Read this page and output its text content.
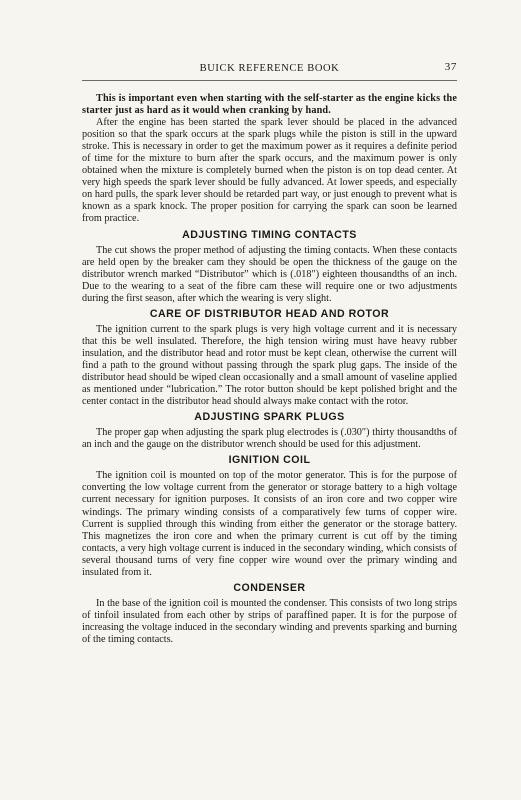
BUICK REFERENCE BOOK	37

This is important even when starting with the self-starter as the engine kicks the starter just as hard as it would when cranking by hand.

After the engine has been started the spark lever should be placed in the advanced position so that the spark occurs at the spark plugs while the piston is still in the upward stroke. This is necessary in order to get the maximum power as it requires a definite period of time for the mixture to burn after the spark occurs, and the maximum power is only obtained when the mixture is completely burned when the piston is on top dead center. At very high speeds the spark lever should be fully advanced. At lower speeds, and especially on hard pulls, the spark lever should be retarded part way, or just enough to prevent what is known as a spark knock. The proper position for carrying the spark can soon be learned from practice.

ADJUSTING TIMING CONTACTS

The cut shows the proper method of adjusting the timing contacts. When these contacts are held open by the breaker cam they should be open the thickness of the gauge on the distributor wrench marked “Distributor” which is (.018″) eighteen thousandths of an inch. Due to the wearing to a seat of the fibre cam these will require one or two adjustments during the first season, after which the wearing is very slight.

CARE OF DISTRIBUTOR HEAD AND ROTOR

The ignition current to the spark plugs is very high voltage current and it is necessary that this be well insulated. Therefore, the high tension wiring must have heavy rubber insulation, and the distributor head and rotor must be kept clean, otherwise the current will find a path to the ground without passing through the spark plug gaps. The inside of the distributor head should be wiped clean occasionally and a small amount of vaseline applied as mentioned under “lubrication.” The rotor button should be kept polished bright and the center contact in the distributor head should always make contact with the rotor.

ADJUSTING SPARK PLUGS

The proper gap when adjusting the spark plug electrodes is (.030″) thirty thousandths of an inch and the gauge on the distributor wrench should be used for this adjustment.

IGNITION COIL

The ignition coil is mounted on top of the motor generator. This is for the purpose of converting the low voltage current from the generator or storage battery to a high voltage current necessary for ignition purposes. It consists of an iron core and two copper wire windings. The primary winding consists of a comparatively few turns of copper wire. Current is supplied through this winding from either the generator or the storage battery. This magnetizes the iron core and when the primary current is cut off by the timing contacts, a very high voltage current is induced in the secondary winding, which consists of several thousand turns of very fine copper wire wound over the primary winding and insulated from it.

CONDENSER

In the base of the ignition coil is mounted the condenser. This consists of two long strips of tinfoil insulated from each other by strips of paraffined paper. It is for the purpose of increasing the voltage induced in the secondary winding and prevents sparking and burning of the timing contacts.
